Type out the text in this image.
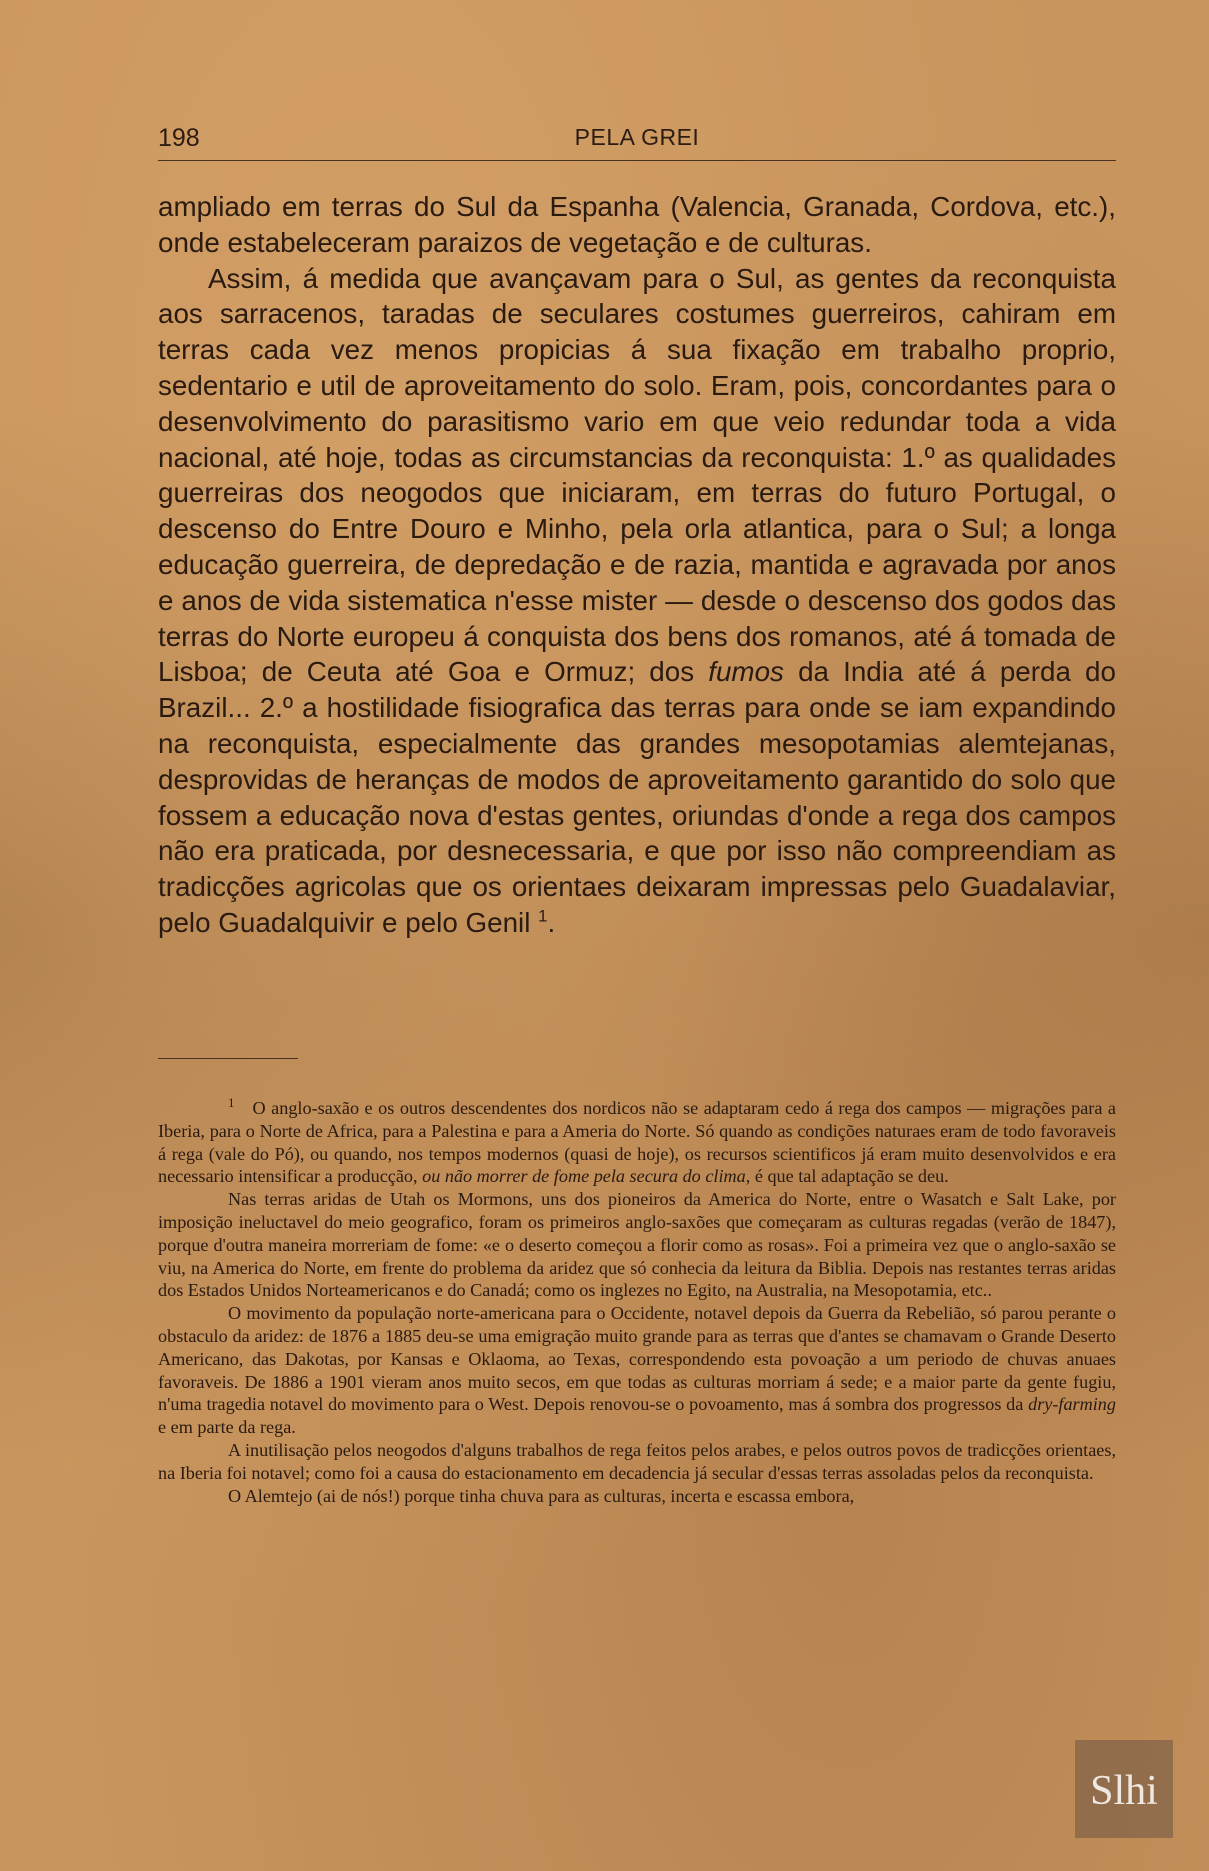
198	PELA GREI

ampliado em terras do Sul da Espanha (Valencia, Granada, Cordova, etc.), onde estabeleceram paraizos de vegetação e de culturas.

Assim, á medida que avançavam para o Sul, as gentes da reconquista aos sarracenos, taradas de seculares costumes guerreiros, cahiram em terras cada vez menos propicias á sua fixação em trabalho proprio, sedentario e util de aproveitamento do solo. Eram, pois, concordantes para o desenvolvimento do parasitismo vario em que veio redundar toda a vida nacional, até hoje, todas as circumstancias da reconquista: 1.º as qualidades guerreiras dos neogodos que iniciaram, em terras do futuro Portugal, o descenso do Entre Douro e Minho, pela orla atlantica, para o Sul; a longa educação guerreira, de depredação e de razia, mantida e agravada por anos e anos de vida sistematica n'esse mister — desde o descenso dos godos das terras do Norte europeu á conquista dos bens dos romanos, até á tomada de Lisboa; de Ceuta até Goa e Ormuz; dos fumos da India até á perda do Brazil... 2.º a hostilidade fisiografica das terras para onde se iam expandindo na reconquista, especialmente das grandes mesopotamias alemtejanas, desprovidas de heranças de modos de aproveitamento garantido do solo que fossem a educação nova d'estas gentes, oriundas d'onde a rega dos campos não era praticada, por desnecessaria, e que por isso não compreendiam as tradicções agricolas que os orientaes deixaram impressas pelo Guadalaviar, pelo Guadalquivir e pelo Genil $^1$.

$^1$ O anglo-saxão e os outros descendentes dos nordicos não se adaptaram cedo á rega dos campos — migrações para a Iberia, para o Norte de Africa, para a Palestina e para a Ameria do Norte. Só quando as condições naturaes eram de todo favoraveis á rega (vale do Pó), ou quando, nos tempos modernos (quasi de hoje), os recursos scientificos já eram muito desenvolvidos e era necessario intensificar a producção, ou não morrer de fome pela secura do clima, é que tal adaptação se deu.

Nas terras aridas de Utah os Mormons, uns dos pioneiros da America do Norte, entre o Wasatch e Salt Lake, por imposição ineluctavel do meio geografico, foram os primeiros anglo-saxões que começaram as culturas regadas (verão de 1847), porque d'outra maneira morreriam de fome: «e o deserto começou a florir como as rosas». Foi a primeira vez que o anglo-saxão se viu, na America do Norte, em frente do problema da aridez que só conhecia da leitura da Biblia. Depois nas restantes terras aridas dos Estados Unidos Norteamericanos e do Canadá; como os inglezes no Egito, na Australia, na Mesopotamia, etc..

O movimento da população norte-americana para o Occidente, notavel depois da Guerra da Rebelião, só parou perante o obstaculo da aridez: de 1876 a 1885 deu-se uma emigração muito grande para as terras que d'antes se chamavam o Grande Deserto Americano, das Dakotas, por Kansas e Oklaoma, ao Texas, correspondendo esta povoação a um periodo de chuvas anuaes favoraveis. De 1886 a 1901 vieram anos muito secos, em que todas as culturas morriam á sede; e a maior parte da gente fugiu, n'uma tragedia notavel do movimento para o West. Depois renovou-se o povoamento, mas á sombra dos progressos da dry-farming e em parte da rega.

A inutilisação pelos neogodos d'alguns trabalhos de rega feitos pelos arabes, e pelos outros povos de tradicções orientaes, na Iberia foi notavel; como foi a causa do estacionamento em decadencia já secular d'essas terras assoladas pelos da reconquista.

O Alemtejo (ai de nós!) porque tinha chuva para as culturas, incerta e escassa embora,

Slhi
